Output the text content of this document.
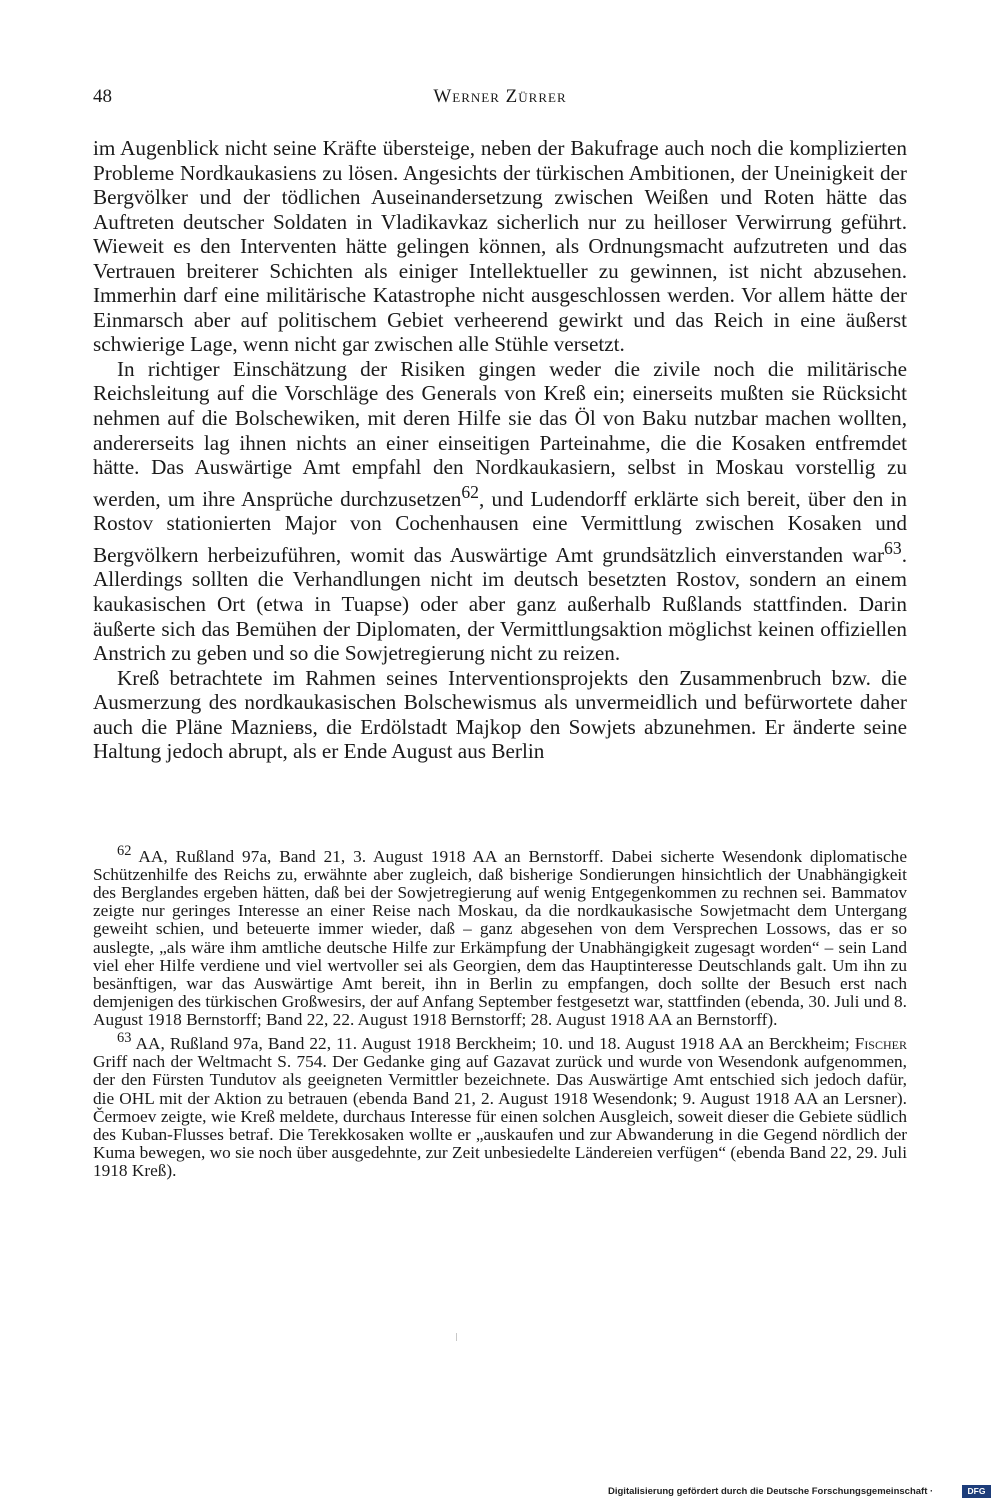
48	Werner Zürrer

im Augenblick nicht seine Kräfte übersteige, neben der Bakufrage auch noch die komplizierten Probleme Nordkaukasiens zu lösen. Angesichts der türkischen Ambitionen, der Uneinigkeit der Bergvölker und der tödlichen Auseinandersetzung zwischen Weißen und Roten hätte das Auftreten deutscher Soldaten in Vladikavkaz sicherlich nur zu heilloser Verwirrung geführt. Wieweit es den Interventen hätte gelingen können, als Ordnungsmacht aufzutreten und das Vertrauen breiterer Schichten als einiger Intellektueller zu gewinnen, ist nicht abzusehen. Immerhin darf eine militärische Katastrophe nicht ausgeschlossen werden. Vor allem hätte der Einmarsch aber auf politischem Gebiet verheerend gewirkt und das Reich in eine äußerst schwierige Lage, wenn nicht gar zwischen alle Stühle versetzt.

In richtiger Einschätzung der Risiken gingen weder die zivile noch die militärische Reichsleitung auf die Vorschläge des Generals von Kreß ein; einerseits mußten sie Rücksicht nehmen auf die Bolschewiken, mit deren Hilfe sie das Öl von Baku nutzbar machen wollten, andererseits lag ihnen nichts an einer einseitigen Parteinahme, die die Kosaken entfremdet hätte. Das Auswärtige Amt empfahl den Nordkaukasiern, selbst in Moskau vorstellig zu werden, um ihre Ansprüche durchzusetzen$^{62}$, und Ludendorff erklärte sich bereit, über den in Rostov stationierten Major von Cochenhausen eine Vermittlung zwischen Kosaken und Bergvölkern herbeizuführen, womit das Auswärtige Amt grundsätzlich einverstanden war$^{63}$. Allerdings sollten die Verhandlungen nicht im deutsch besetzten Rostov, sondern an einem kaukasischen Ort (etwa in Tuapse) oder aber ganz außerhalb Rußlands stattfinden. Darin äußerte sich das Bemühen der Diplomaten, der Vermittlungsaktion möglichst keinen offiziellen Anstrich zu geben und so die Sowjetregierung nicht zu reizen.

Kreß betrachtete im Rahmen seines Interventionsprojekts den Zusammenbruch bzw. die Ausmerzung des nordkaukasischen Bolschewismus als unvermeidlich und befürwortete daher auch die Pläne Mazniевs, die Erdölstadt Majkop den Sowjets abzunehmen. Er änderte seine Haltung jedoch abrupt, als er Ende August aus Berlin

$^{62}$ AA, Rußland 97a, Band 21, 3. August 1918 AA an Bernstorff. Dabei sicherte Wesendonk diplomatische Schützenhilfe des Reichs zu, erwähnte aber zugleich, daß bisherige Sondierungen hinsichtlich der Unabhängigkeit des Berglandes ergeben hätten, daß bei der Sowjetregierung auf wenig Entgegenkommen zu rechnen sei. Bammatov zeigte nur geringes Interesse an einer Reise nach Moskau, da die nordkaukasische Sowjetmacht dem Untergang geweiht schien, und beteuerte immer wieder, daß – ganz abgesehen von dem Versprechen Lossows, das er so auslegte, „als wäre ihm amtliche deutsche Hilfe zur Erkämpfung der Unabhängigkeit zugesagt worden“ – sein Land viel eher Hilfe verdiene und viel wertvoller sei als Georgien, dem das Hauptinteresse Deutschlands galt. Um ihn zu besänftigen, war das Auswärtige Amt bereit, ihn in Berlin zu empfangen, doch sollte der Besuch erst nach demjenigen des türkischen Großwesirs, der auf Anfang September festgesetzt war, stattfinden (ebenda, 30. Juli und 8. August 1918 Bernstorff; Band 22, 22. August 1918 Bernstorff; 28. August 1918 AA an Bernstorff).

$^{63}$ AA, Rußland 97a, Band 22, 11. August 1918 Berckheim; 10. und 18. August 1918 AA an Berckheim; Fischer Griff nach der Weltmacht S. 754. Der Gedanke ging auf Gazavat zurück und wurde von Wesendonk aufgenommen, der den Fürsten Tundutov als geeigneten Vermittler bezeichnete. Das Auswärtige Amt entschied sich jedoch dafür, die OHL mit der Aktion zu betrauen (ebenda Band 21, 2. August 1918 Wesendonk; 9. August 1918 AA an Lersner). Čermoev zeigte, wie Kreß meldete, durchaus Interesse für einen solchen Ausgleich, soweit dieser die Gebiete südlich des Kuban-Flusses betraf. Die Terekkosaken wollte er „auskaufen und zur Abwanderung in die Gegend nördlich der Kuma bewegen, wo sie noch über ausgedehnte, zur Zeit unbesiedelte Ländereien verfügen“ (ebenda Band 22, 29. Juli 1918 Kreß).

Digitalisierung gefördert durch die Deutsche Forschungsgemeinschaft ·	DFG
